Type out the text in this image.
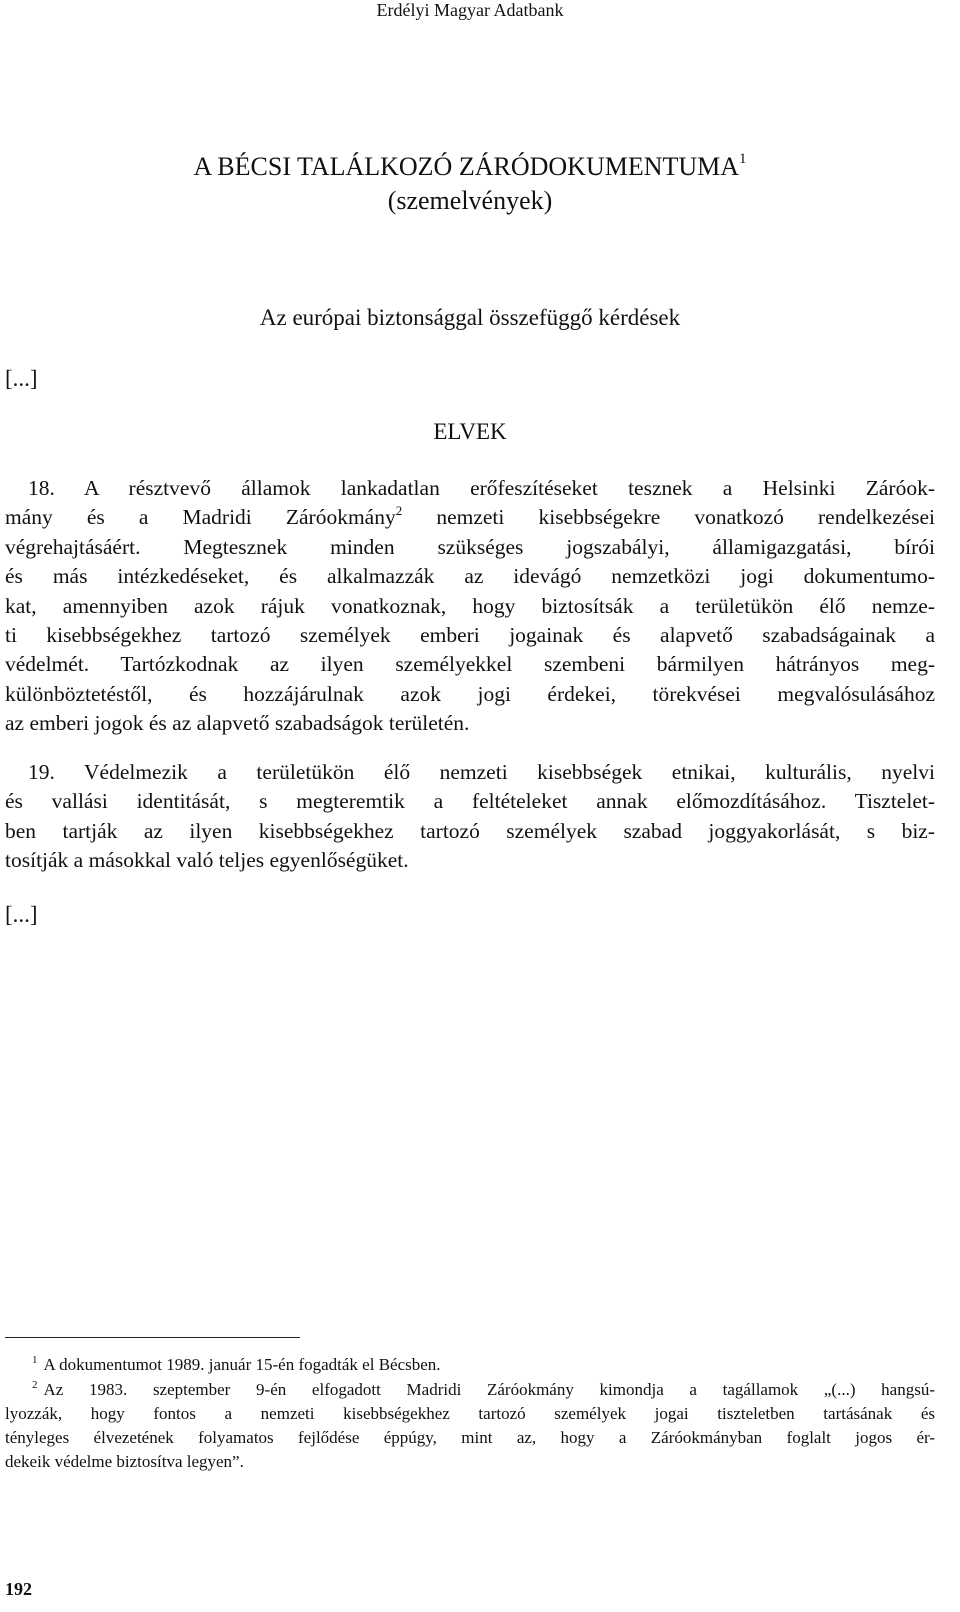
Erdélyi Magyar Adatbank
A BÉCSI TALÁLKOZÓ ZÁRÓDOKUMENTUMA$^1$
(szemelvények)
Az európai biztonsággal összefüggő kérdések
[...]
ELVEK
18. A résztvevő államok lankadatlan erőfeszítéseket tesznek a Helsinki Záróok-
mány és a Madridi Záróokmány$^2$ nemzeti kisebbségekre vonatkozó rendelkezései
végrehajtásáért. Megtesznek minden szükséges jogszabályi, államigazgatási, bírói
és más intézkedéseket, és alkalmazzák az idevágó nemzetközi jogi dokumentumo-
kat, amennyiben azok rájuk vonatkoznak, hogy biztosítsák a területükön élő nemze-
ti kisebbségekhez tartozó személyek emberi jogainak és alapvető szabadságainak a
védelmét. Tartózkodnak az ilyen személyekkel szembeni bármilyen hátrányos meg-
különböztetéstől, és hozzájárulnak azok jogi érdekei, törekvései megvalósulásához
az emberi jogok és az alapvető szabadságok területén.
19. Védelmezik a területükön élő nemzeti kisebbségek etnikai, kulturális, nyelvi
és vallási identitását, s megteremtik a feltételeket annak előmozdításához. Tisztelet-
ben tartják az ilyen kisebbségekhez tartozó személyek szabad joggyakorlását, s biz-
tosítják a másokkal való teljes egyenlőségüket.
[...]
$^1$ A dokumentumot 1989. január 15-én fogadták el Bécsben.
$^2$ Az 1983. szeptember 9-én elfogadott Madridi Záróokmány kimondja a tagállamok „(...) hangsú-
lyozzák, hogy fontos a nemzeti kisebbségekhez tartozó személyek jogai tiszteletben tartásának és
tényleges élvezetének folyamatos fejlődése éppúgy, mint az, hogy a Záróokmányban foglalt jogos ér-
dekeik védelme biztosítva legyen”.
192
